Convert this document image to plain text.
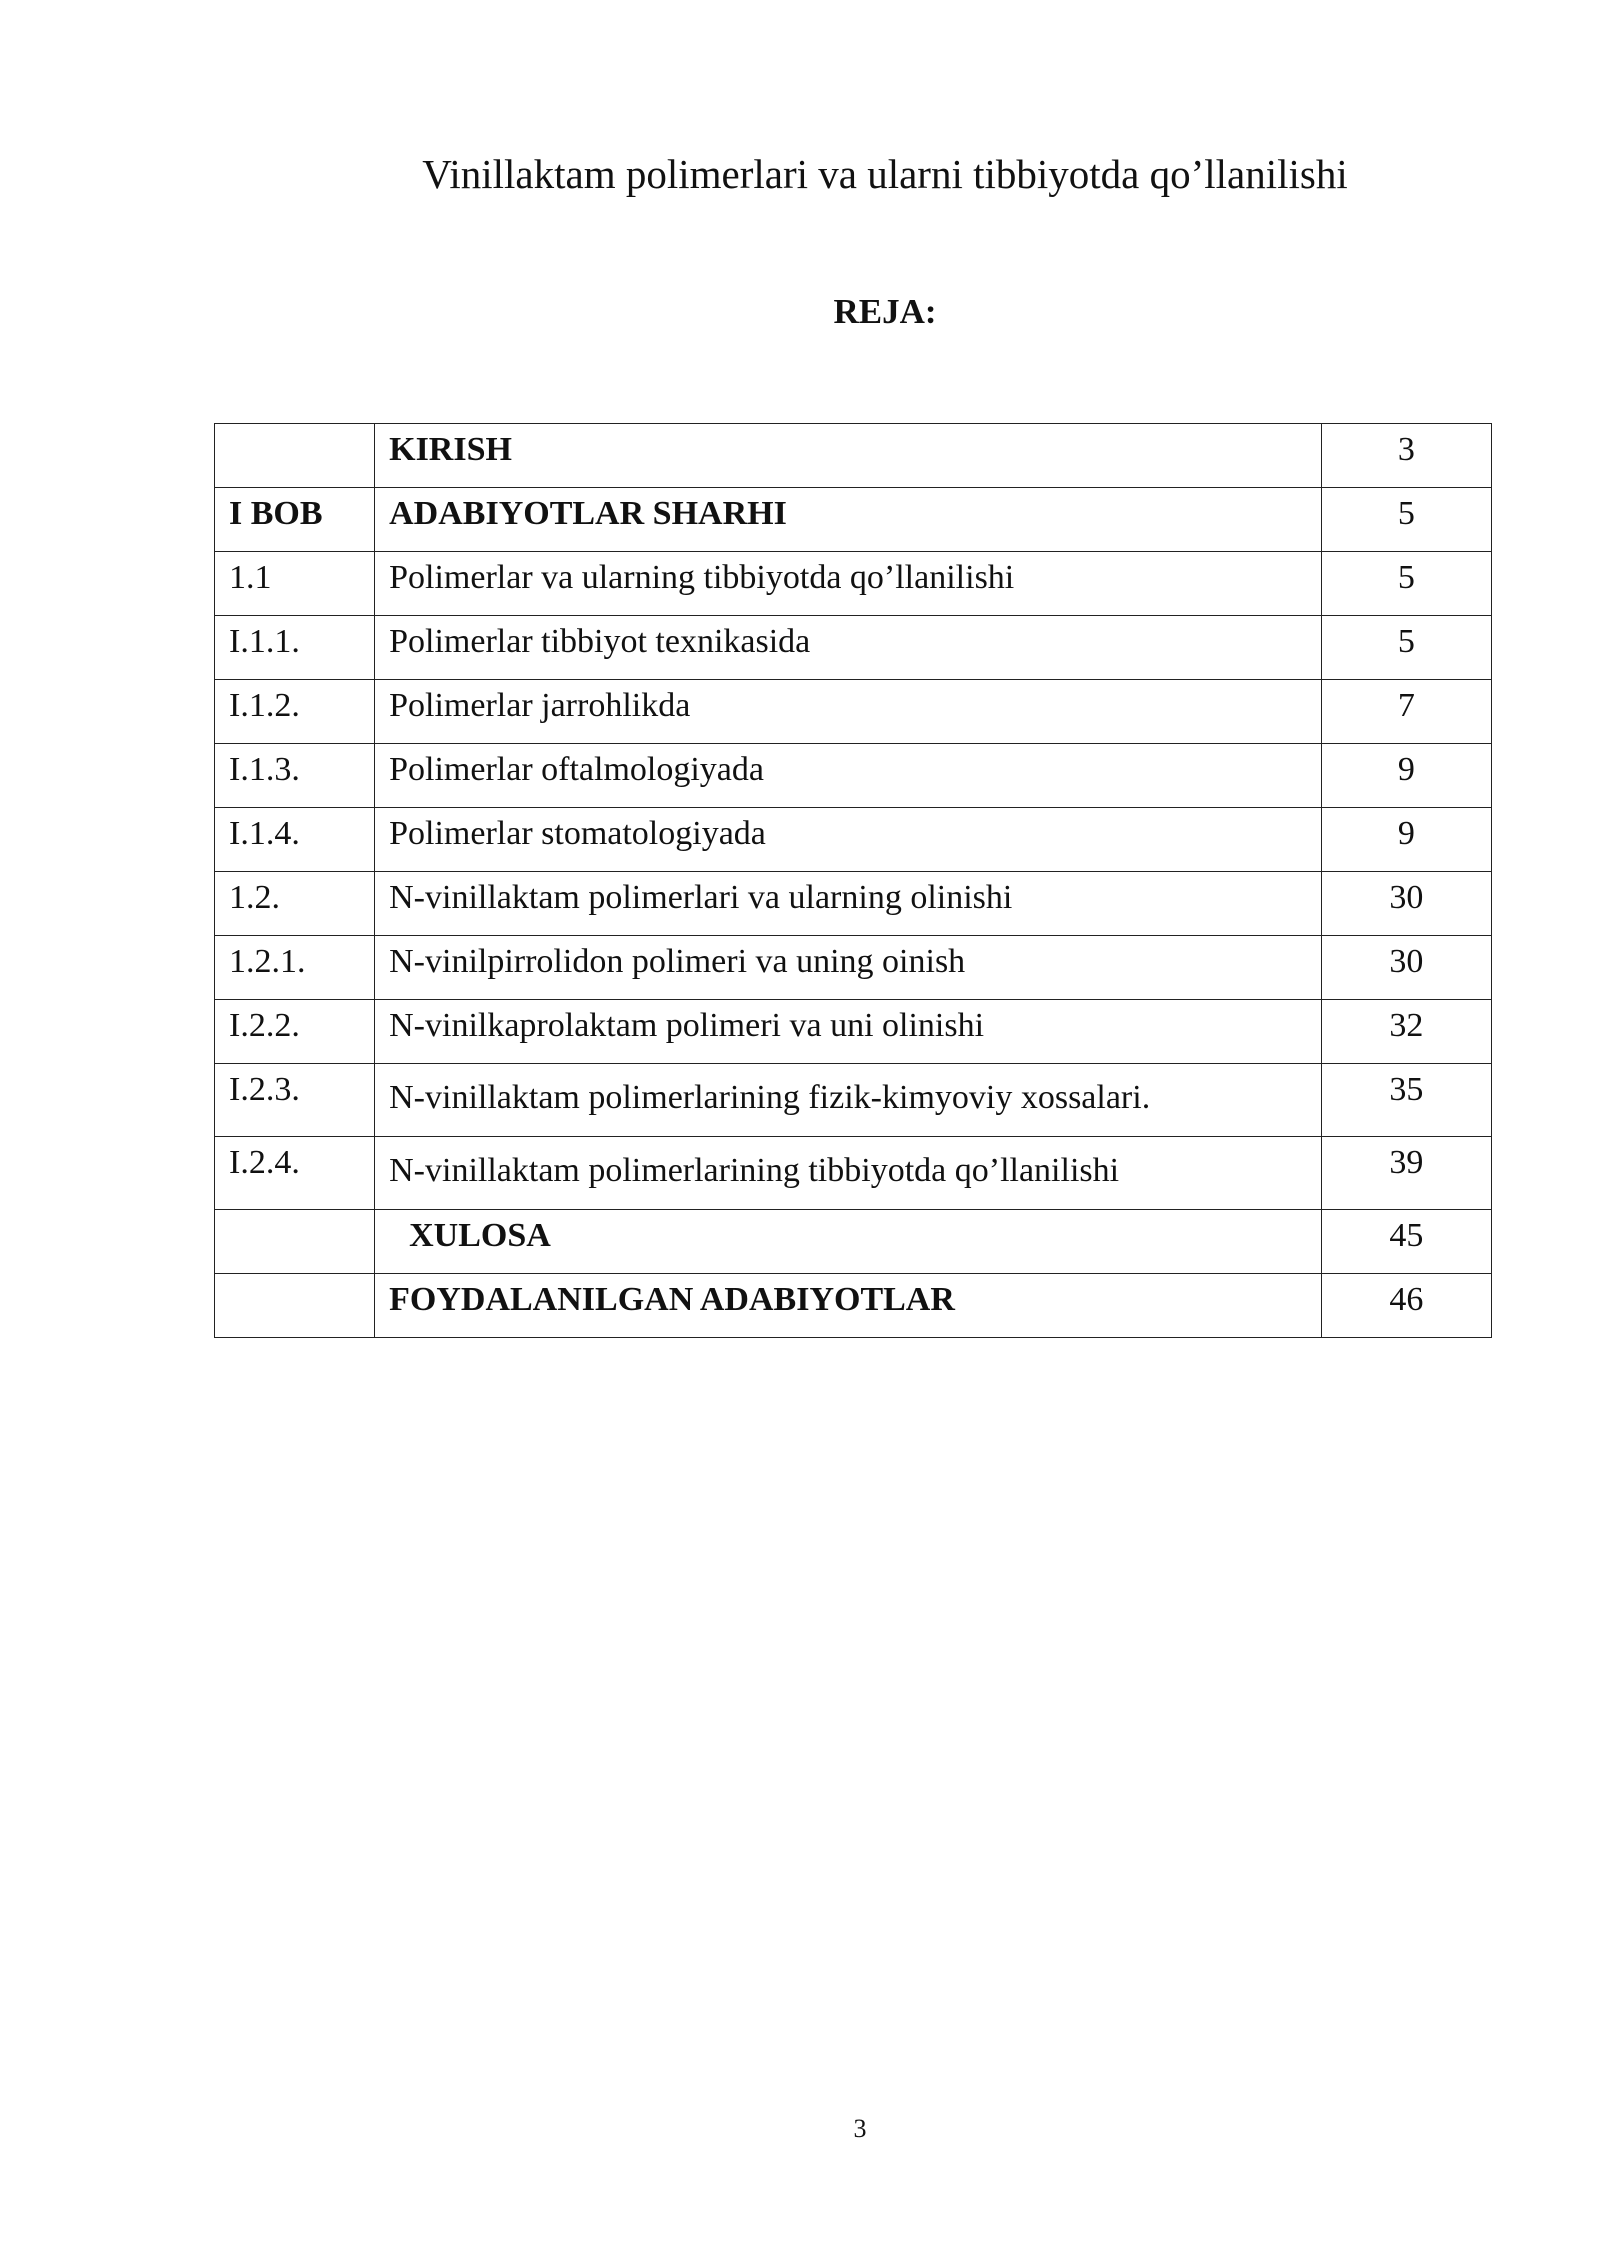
Vinillaktam polimerlari va ularni tibbiyotda qo’llanilishi
REJA:

	KIRISH	3

I BOB	ADABIYOTLAR SHARHI	5

1.1	Polimerlar va ularning tibbiyotda qo’llanilishi	5

I.1.1.	Polimerlar tibbiyot texnikasida	5

I.1.2.	Polimerlar jarrohlikda	7

I.1.3.	Polimerlar oftalmologiyada	9

I.1.4.	Polimerlar stomatologiyada	9

1.2.	N-vinillaktam polimerlari va ularning olinishi	30

1.2.1.	N-vinilpirrolidon polimeri va uning oinish	30

I.2.2.	N-vinilkaprolaktam polimeri va uni olinishi	32

I.2.3.	N-vinillaktam polimerlarining fizik-kimyoviy xossalari.	35

I.2.4.	N-vinillaktam polimerlarining tibbiyotda qo’llanilishi	39

	XULOSA	45

	FOYDALANILGAN ADABIYOTLAR	46
3
